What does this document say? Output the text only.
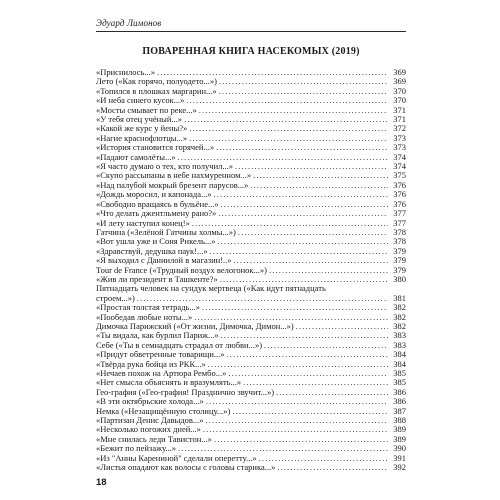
Эдуард Лимонов
ПОВАРЕННАЯ КНИГА НАСЕКОМЫХ (2019)
«Приснилось...» . . .	369
Лето («Как горячо, полуодето...») . . .	369
«Топился в плошках маргарин...» . . .	370
«И неба синего кусок...» . . .	370
«Мосты смывает по реке...» . . .	371
«У тебя отец учёный...» . . .	371
«Какой же курс у йены?» . . .	372
«Нагие краснофлотцы...» . . .	373
«История становится горячей...» . . .	373
«Падают самолёты...» . . .	374
«Я часто думаю о тех, кто получил...» . . .	374
«Скупо рассыпаны в небе нахмуренном...» . . .	375
«Над палубой мокрый брезент парусов...» . . .	376
«Дождь моросил, и капонада...» . . .	376
«Свободно вращаясь в бульёне...» . . .	376
«Что делать джентльмену рано?» . . .	377
«И лету наступил конец!» . . .	377
Гатчина («Зелёной Гатчины холмы...») . . .	378
«Вот ушла уже и Соня Рикель...» . . .	378
«Здравствуй, дедушка паук!...» . . .	379
«Я выходил с Даниилой в магазин!..» . . .	379
Tour de France («Трудный воздух велогонок...») . . .	379
«Жив ли президент в Ташкенте?» . . .	380
Пятнадцать человек на сундук мертвеца («Как идут пятнадцать
строем...») . . .	381
«Простая толстая тетрадь...» . . .	382
«Пообедав любые ноты...» . . .	382
Димочка Парижский («От жизни, Димочка, Димон...») . . .	382
«Ты видала, как бурлил Париж...» . . .	383
Себе («Ты в семнадцать страдал от любви...») . . .	383
«Придут обветренные товарищи...» . . .	384
«Твёрда рука бойца из РКК...» . . .	384
«Нечаев похож на Артюра Рембо...» . . .	385
«Нет смысла объяснять и вразумлять...» . . .	385
Гео-графия («Гео-графия! Празднично звучит...») . . .	386
«В эти октябрьские холода...» . . .	386
Немка («Незащищённую столицу...») . . .	387
«Партизан Денис Давыдов...» . . .	388
«Несколько погожих дней...» . . .	389
«Мне снилась леди Тавистон...» . . .	389
«Бежит по пейзажу...» . . .	390
«Из "Анны Карениной" сделали оперетту...» . . .	391
«Листья опадают как волосы с головы старика...» . . .	392
18
